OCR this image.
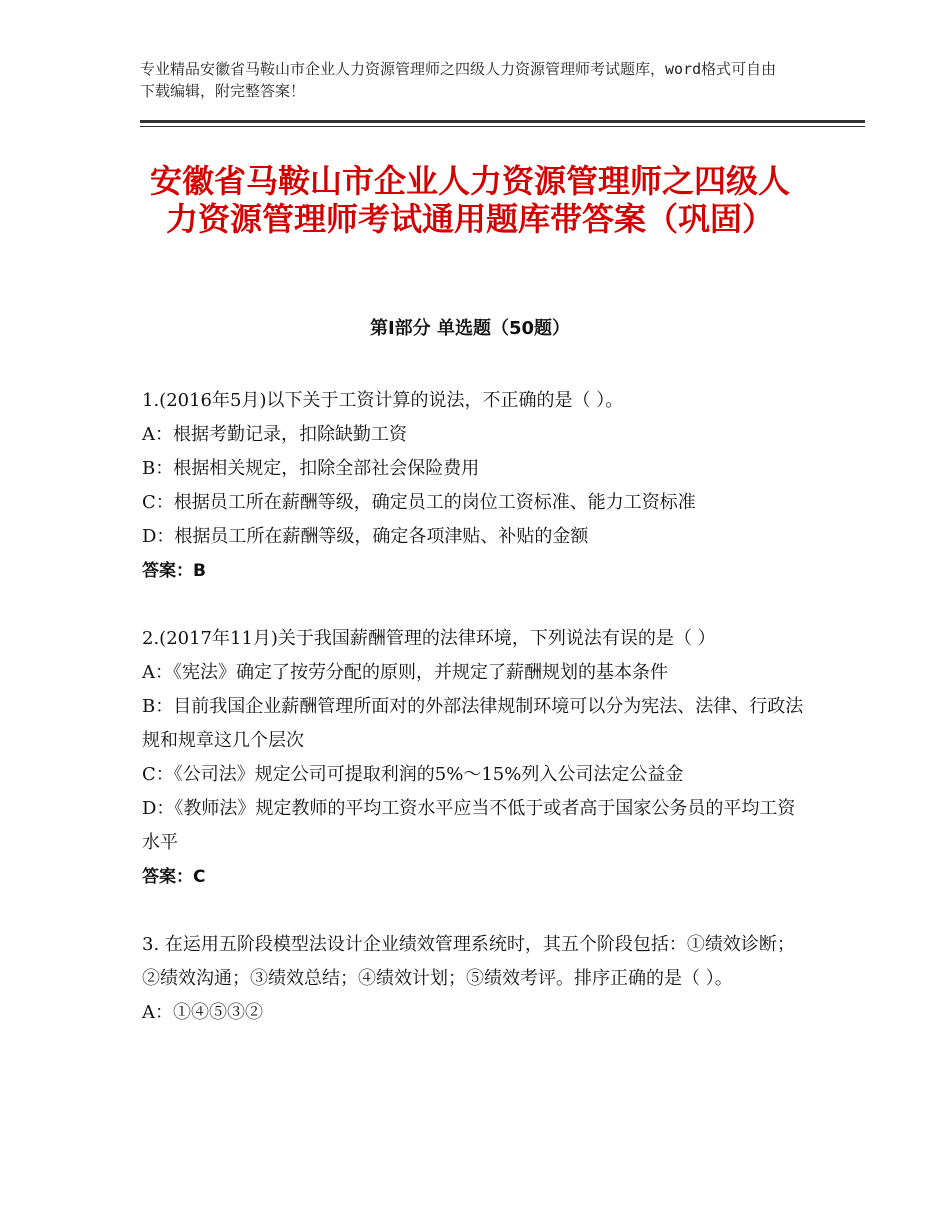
专业精品安徽省马鞍山市企业人力资源管理师之四级人力资源管理师考试题库，word格式可自由下载编辑，附完整答案！
安徽省马鞍山市企业人力资源管理师之四级人力资源管理师考试通用题库带答案（巩固）
第Ⅰ部分 单选题（50题）
1.(2016年5月)以下关于工资计算的说法，不正确的是（ ）。
A：根据考勤记录，扣除缺勤工资
B：根据相关规定，扣除全部社会保险费用
C：根据员工所在薪酬等级，确定员工的岗位工资标准、能力工资标准
D：根据员工所在薪酬等级，确定各项津贴、补贴的金额
答案：B
2.(2017年11月)关于我国薪酬管理的法律环境，下列说法有误的是（ ）
A：《宪法》确定了按劳分配的原则，并规定了薪酬规划的基本条件
B：目前我国企业薪酬管理所面对的外部法律规制环境可以分为宪法、法律、行政法规和规章这几个层次
C：《公司法》规定公司可提取利润的5%～15%列入公司法定公益金
D：《教师法》规定教师的平均工资水平应当不低于或者高于国家公务员的平均工资水平
答案：C
3. 在运用五阶段模型法设计企业绩效管理系统时，其五个阶段包括：①绩效诊断；②绩效沟通；③绩效总结；④绩效计划；⑤绩效考评。排序正确的是（ ）。
A：①④⑤③②
